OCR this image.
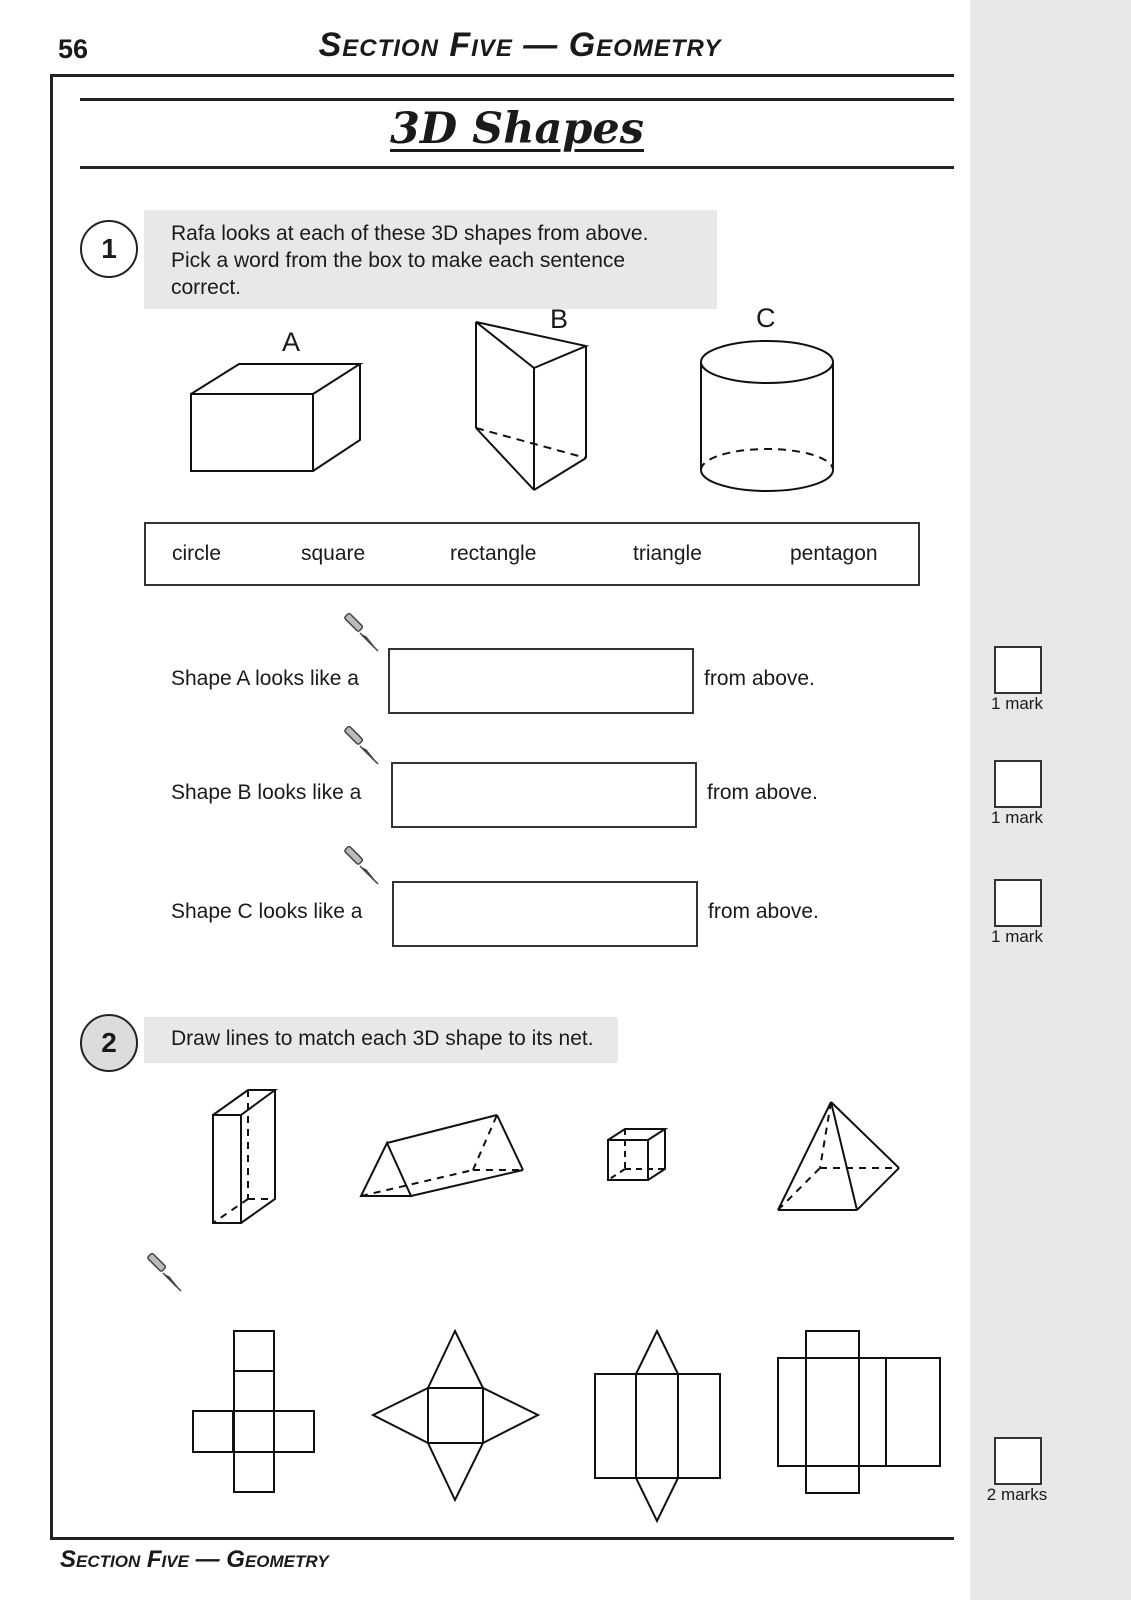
56	Section Five — Geometry
3D Shapes
1	Rafa looks at each of these 3D shapes from above.
Pick a word from the box to make each sentence correct.
A
B	C
circle	square	rectangle	triangle	pentagon
Shape A looks like a	from above.
Shape B looks like a	from above.
Shape C looks like a	from above.
1 mark
1 mark
1 mark
2	Draw lines to match each 3D shape to its net.
2 marks
Section Five — Geometry
